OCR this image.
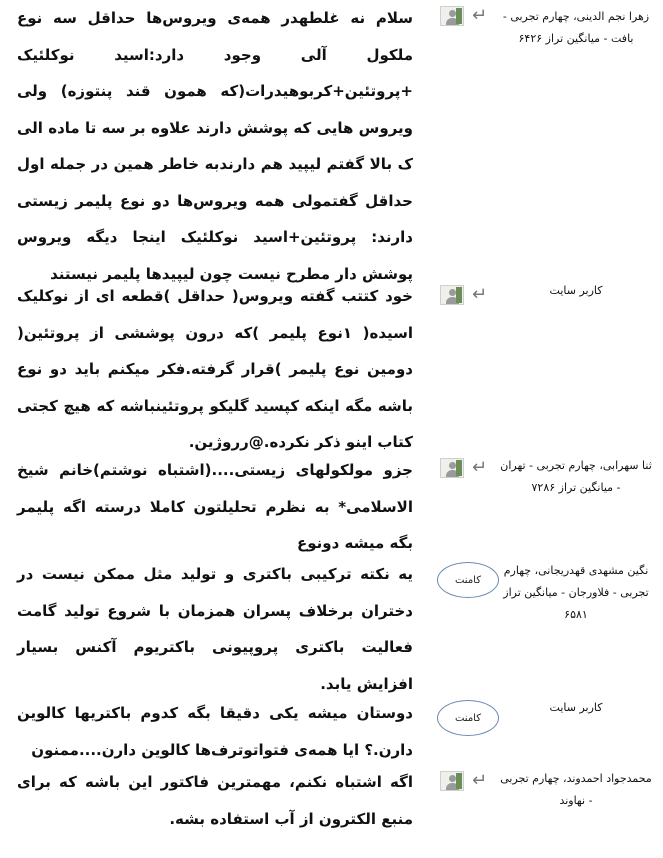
زهرا نجم الدینی، چهارم تجربی - بافت - میانگین تراز ۶۴۲۶
↵
سلام نه غلطهدر همه‌ی ویروس‌ها حداقل سه نوع ملکول آلی وجود دارد:اسید نوکلئیک +پروتئین+کربوهیدرات(که همون قند پنتوزه) ولی ویروس هایی که پوشش دارند علاوه بر سه تا ماده الی ک بالا گفتم لیپید هم دارندبه خاطر همین در جمله اول حداقل گفتمولی همه ویروس‌ها دو نوع پلیمر زیستی دارند: پروتئین+اسید نوکلئیک اینجا دیگه ویروس پوشش دار مطرح نیست چون لیپیدها پلیمر نیستند
کاربر سایت
↵
خود کتتب گفته ویروس( حداقل )قطعه ای از نوکلیک اسیده( ۱نوع پلیمر )که درون پوششی از پروتئین( دومین نوع پلیمر )قرار گرفته.فکر میکنم باید دو نوع باشه مگه اینکه کپسید گلیکو پروتئینباشه که هیچ کجتی کتاب اینو ذکر نکرده.@رروژین.
ثنا سهرابی، چهارم تجربی - تهران - میانگین تراز ۷۲۸۶
↵
جزو مولکولهای زیستی....(اشتباه نوشتم)خانم شیخ الاسلامی* به نظرم تحلیلتون کاملا درسته اگه پلیمر بگه میشه دونوع
نگین مشهدی قهدریجانی، چهارم تجربی - فلاورجان - میانگین تراز ۶۵۸۱
کامنت
یه نکته ترکیبی باکتری و تولید مثل ممکن نیست در دختران برخلاف پسران همزمان با شروع تولید گامت فعالیت باکتری پروپیونی باکتریوم آکنس بسیار افزایش یابد.
کاربر سایت
کامنت
دوستان میشه یکی دقیقا بگه کدوم باکتریها کالوین دارن.؟ ایا همه‌ی فتواتوترف‌ها کالوین دارن....ممنون
محمدجواد احمدوند، چهارم تجربی - نهاوند
↵
اگه اشتباه نکنم، مهمترین فاکتور این باشه که برای منبع الکترون از آب استفاده بشه.
